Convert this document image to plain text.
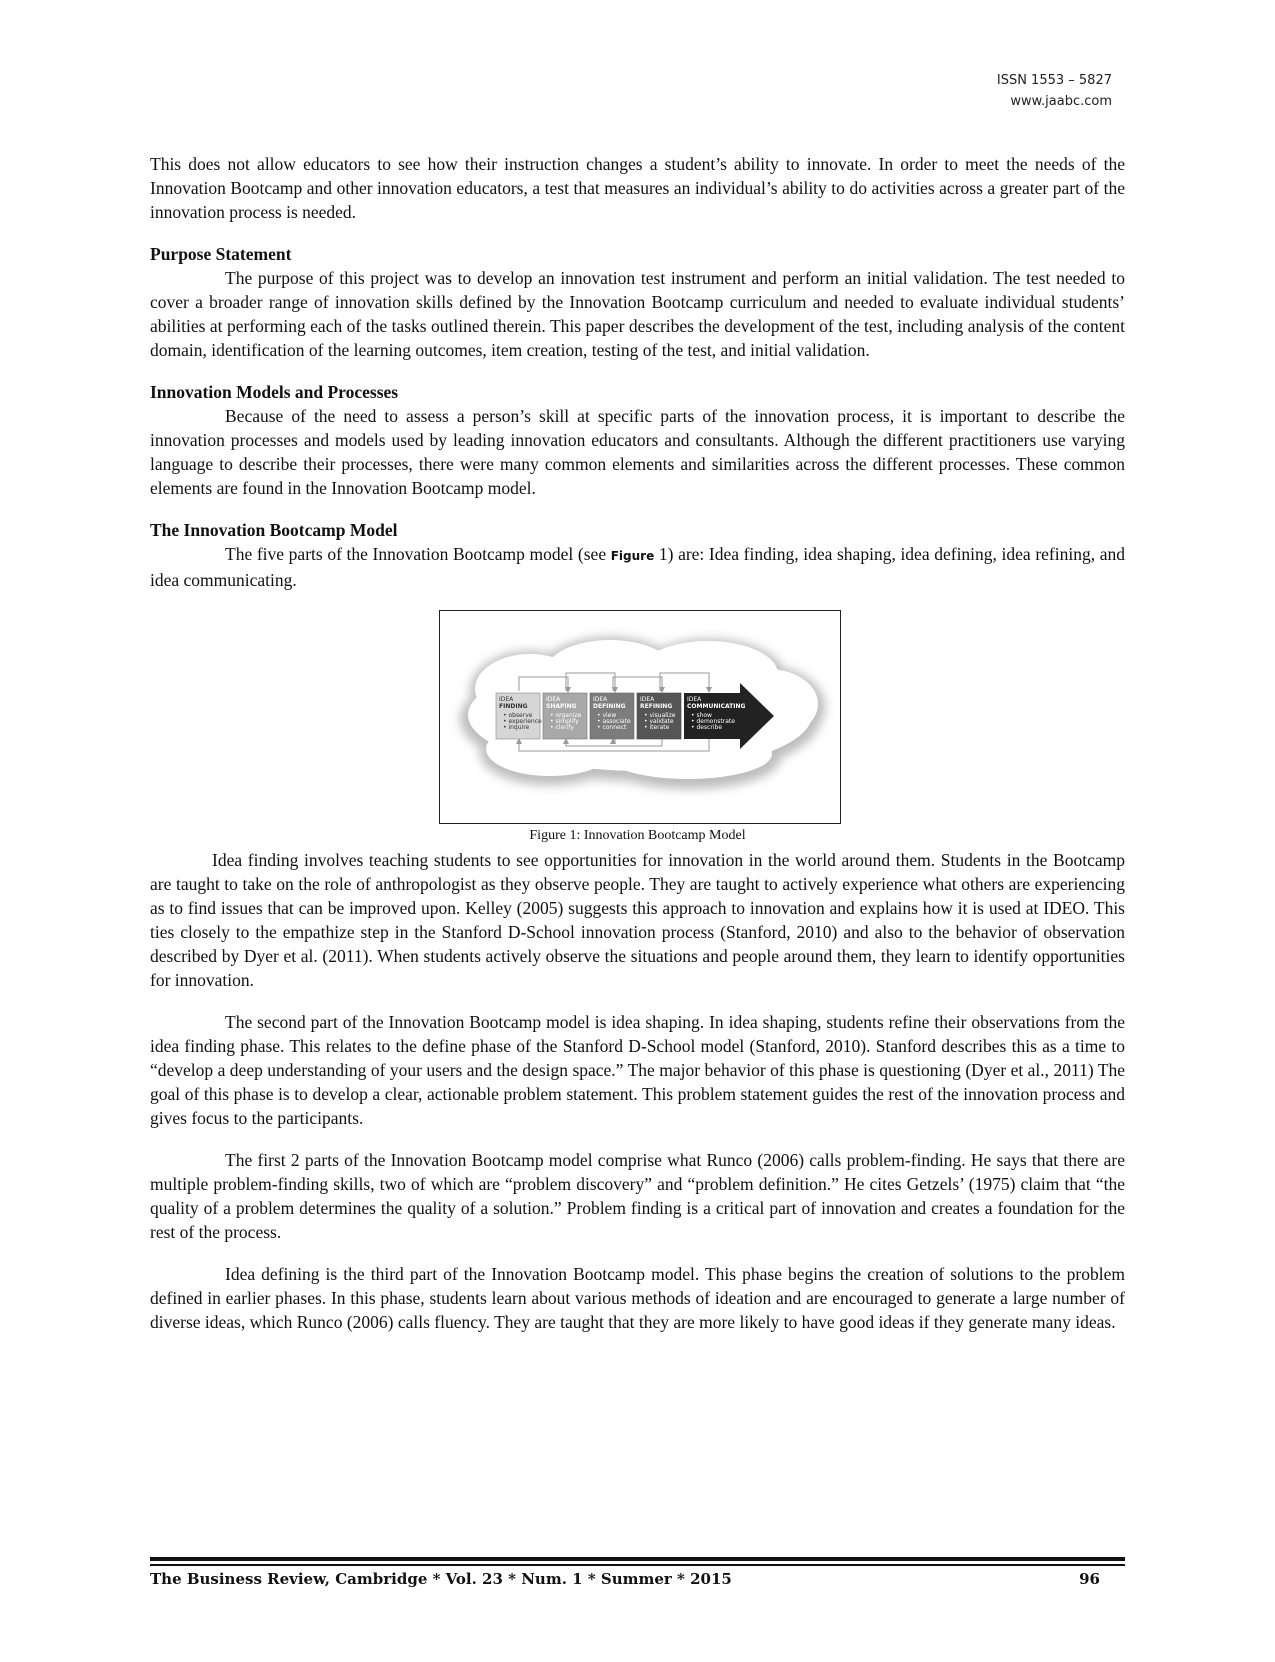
ISSN 1553 – 5827
www.jaabc.com

This does not allow educators to see how their instruction changes a student’s ability to innovate. In order to meet the needs of the Innovation Bootcamp and other innovation educators, a test that measures an individual’s ability to do activities across a greater part of the innovation process is needed.

Purpose Statement

The purpose of this project was to develop an innovation test instrument and perform an initial validation. The test needed to cover a broader range of innovation skills defined by the Innovation Bootcamp curriculum and needed to evaluate individual students’ abilities at performing each of the tasks outlined therein. This paper describes the development of the test, including analysis of the content domain, identification of the learning outcomes, item creation, testing of the test, and initial validation.

Innovation Models and Processes

Because of the need to assess a person’s skill at specific parts of the innovation process, it is important to describe the innovation processes and models used by leading innovation educators and consultants. Although the different practitioners use varying language to describe their processes, there were many common elements and similarities across the different processes. These common elements are found in the Innovation Bootcamp model.

The Innovation Bootcamp Model

The five parts of the Innovation Bootcamp model (see Figure 1) are: Idea finding, idea shaping, idea defining, idea refining, and idea communicating.

IDEA
FINDING
• observe
• experience
• inquire
IDEA
SHAPING
• organize
• simplify
• clarify
IDEA
DEFINING
• view
• associate
• connect
IDEA
REFINING
• visualize
• validate
• iterate
IDEA
COMMUNICATING
• show
• demonstrate
• describe

Figure 1: Innovation Bootcamp Model

Idea finding involves teaching students to see opportunities for innovation in the world around them. Students in the Bootcamp are taught to take on the role of anthropologist as they observe people. They are taught to actively experience what others are experiencing as to find issues that can be improved upon. Kelley (2005) suggests this approach to innovation and explains how it is used at IDEO. This ties closely to the empathize step in the Stanford D-School innovation process (Stanford, 2010) and also to the behavior of observation described by Dyer et al. (2011). When students actively observe the situations and people around them, they learn to identify opportunities for innovation.

The second part of the Innovation Bootcamp model is idea shaping. In idea shaping, students refine their observations from the idea finding phase. This relates to the define phase of the Stanford D-School model (Stanford, 2010). Stanford describes this as a time to “develop a deep understanding of your users and the design space.” The major behavior of this phase is questioning (Dyer et al., 2011) The goal of this phase is to develop a clear, actionable problem statement. This problem statement guides the rest of the innovation process and gives focus to the participants.

The first 2 parts of the Innovation Bootcamp model comprise what Runco (2006) calls problem-finding. He says that there are multiple problem-finding skills, two of which are “problem discovery” and “problem definition.” He cites Getzels’ (1975) claim that “the quality of a problem determines the quality of a solution.” Problem finding is a critical part of innovation and creates a foundation for the rest of the process.

Idea defining is the third part of the Innovation Bootcamp model. This phase begins the creation of solutions to the problem defined in earlier phases. In this phase, students learn about various methods of ideation and are encouraged to generate a large number of diverse ideas, which Runco (2006) calls fluency. They are taught that they are more likely to have good ideas if they generate many ideas.

The Business Review, Cambridge * Vol. 23 * Num. 1 * Summer * 2015	96
